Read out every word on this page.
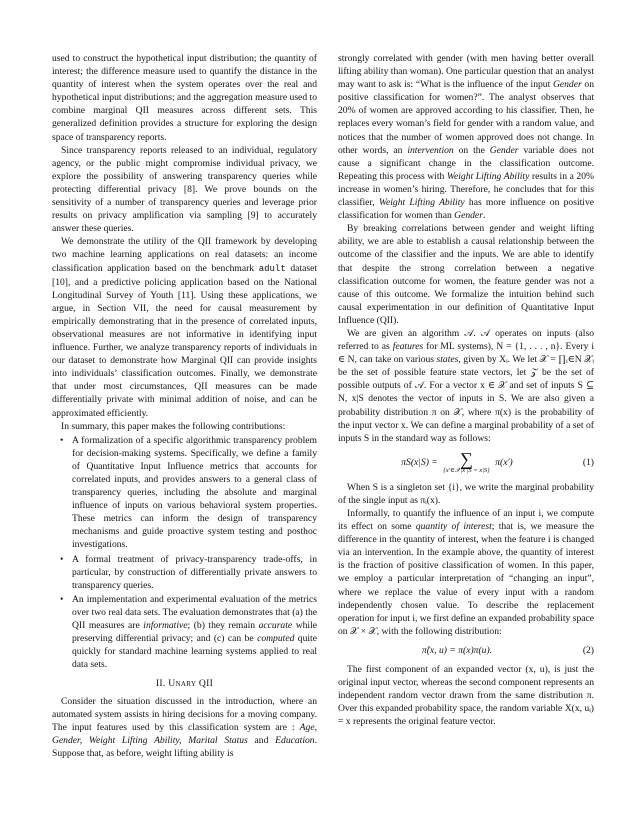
used to construct the hypothetical input distribution; the quantity of interest; the difference measure used to quantify the distance in the quantity of interest when the system operates over the real and hypothetical input distributions; and the aggregation measure used to combine marginal QII measures across different sets. This generalized definition provides a structure for exploring the design space of transparency reports.

Since transparency reports released to an individual, regulatory agency, or the public might compromise individual privacy, we explore the possibility of answering transparency queries while protecting differential privacy [8]. We prove bounds on the sensitivity of a number of transparency queries and leverage prior results on privacy amplification via sampling [9] to accurately answer these queries.

We demonstrate the utility of the QII framework by developing two machine learning applications on real datasets: an income classification application based on the benchmark adult dataset [10], and a predictive policing application based on the National Longitudinal Survey of Youth [11]. Using these applications, we argue, in Section VII, the need for causal measurement by empirically demonstrating that in the presence of correlated inputs, observational measures are not informative in identifying input influence. Further, we analyze transparency reports of individuals in our dataset to demonstrate how Marginal QII can provide insights into individuals’ classification outcomes. Finally, we demonstrate that under most circumstances, QII measures can be made differentially private with minimal addition of noise, and can be approximated efficiently.

In summary, this paper makes the following contributions:

• A formalization of a specific algorithmic transparency problem for decision-making systems. Specifically, we define a family of Quantitative Input Influence metrics that accounts for correlated inputs, and provides answers to a general class of transparency queries, including the absolute and marginal influence of inputs on various behavioral system properties. These metrics can inform the design of transparency mechanisms and guide proactive system testing and posthoc investigations.
• A formal treatment of privacy-transparency trade-offs, in particular, by construction of differentially private answers to transparency queries.
• An implementation and experimental evaluation of the metrics over two real data sets. The evaluation demonstrates that (a) the QII measures are informative; (b) they remain accurate while preserving differential privacy; and (c) can be computed quite quickly for standard machine learning systems applied to real data sets.
II. Unary QII

Consider the situation discussed in the introduction, where an automated system assists in hiring decisions for a moving company. The input features used by this classification system are : Age, Gender, Weight Lifting Ability, Marital Status and Education. Suppose that, as before, weight lifting ability is

strongly correlated with gender (with men having better overall lifting ability than woman). One particular question that an analyst may want to ask is: “What is the influence of the input Gender on positive classification for women?”. The analyst observes that 20% of women are approved according to his classifier. Then, he replaces every woman’s field for gender with a random value, and notices that the number of women approved does not change. In other words, an intervention on the Gender variable does not cause a significant change in the classification outcome. Repeating this process with Weight Lifting Ability results in a 20% increase in women’s hiring. Therefore, he concludes that for this classifier, Weight Lifting Ability has more influence on positive classification for women than Gender.

By breaking correlations between gender and weight lifting ability, we are able to establish a causal relationship between the outcome of the classifier and the inputs. We are able to identify that despite the strong correlation between a negative classification outcome for women, the feature gender was not a cause of this outcome. We formalize the intuition behind such causal experimentation in our definition of Quantitative Input Influence (QII).

We are given an algorithm 𝒜. 𝒜 operates on inputs (also referred to as features for ML systems), N = {1, . . . , n}. Every i ∈ N, can take on various states, given by Xᵢ. We let 𝒳 = ∏ᵢ∈N 𝒳ᵢ be the set of possible feature state vectors, let 𝒵 be the set of possible outputs of 𝒜. For a vector x ∈ 𝒳 and set of inputs S ⊆ N, x|S denotes the vector of inputs in S. We are also given a probability distribution π on 𝒳, where π(x) is the probability of the input vector x. We can define a marginal probability of a set of inputs S in the standard way as follows:

πS(x|S) = ∑
{x′∈𝒳|x′|S = x|S}
π(x′)	(1)

When S is a singleton set {i}, we write the marginal probability of the single input as πᵢ(x).

Informally, to quantify the influence of an input i, we compute its effect on some quantity of interest; that is, we measure the difference in the quantity of interest, when the feature i is changed via an intervention. In the example above, the quantity of interest is the fraction of positive classification of women. In this paper, we employ a particular interpretation of “changing an input”, where we replace the value of every input with a random independently chosen value. To describe the replacement operation for input i, we first define an expanded probability space on 𝒳 × 𝒳, with the following distribution:

π̃(x, u) = π(x)π(u).	(2)

The first component of an expanded vector (x, u), is just the original input vector, whereas the second component represents an independent random vector drawn from the same distribution π. Over this expanded probability space, the random variable X(x, uᵢ) = x represents the original feature vector.
